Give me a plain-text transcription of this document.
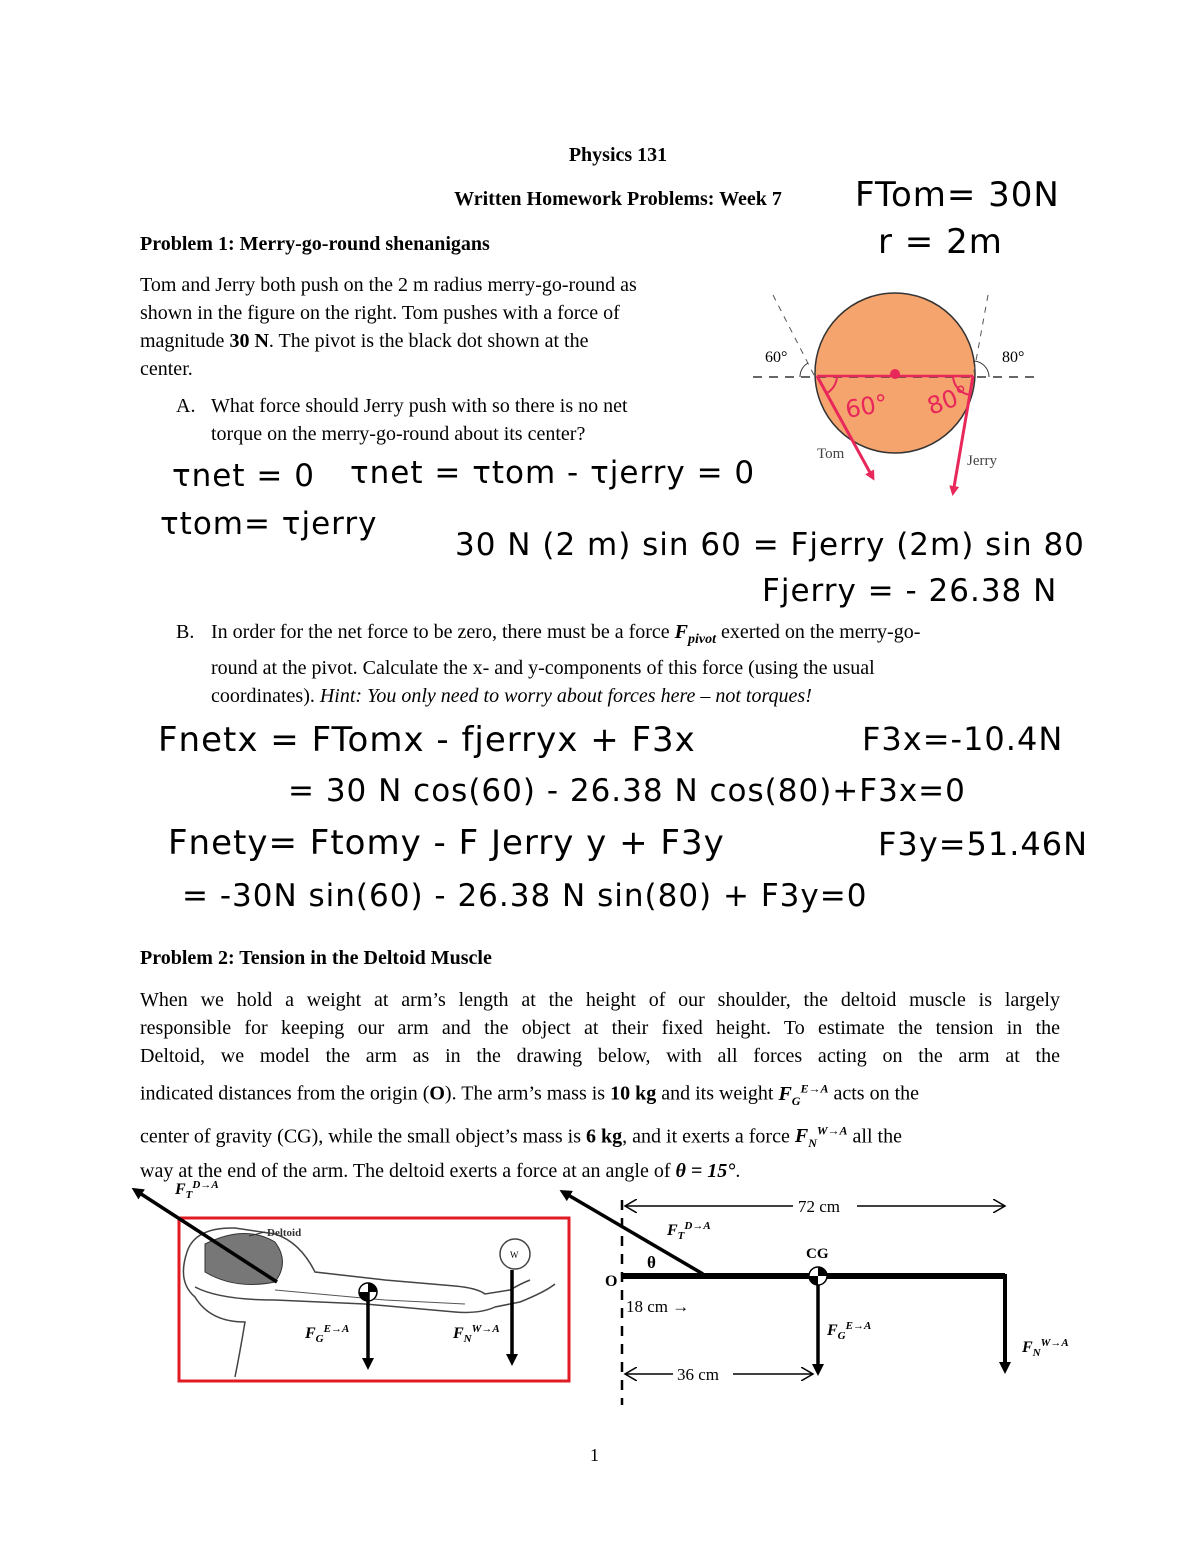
Physics 131
Written Homework Problems: Week 7
Problem 1: Merry-go-round shenanigans
Tom and Jerry both push on the 2 m radius merry-go-round as
shown in the figure on the right. Tom pushes with a force of
magnitude 30 N. The pivot is the black dot shown at the
center.
A. What force should Jerry push with so there is no net
torque on the merry-go-round about its center?
60°	80°
60° 80°
Tom	Jerry
FTom= 30N
r = 2m
τnet = 0 τnet = τtom - τjerry = 0
τtom= τjerry
30 N (2 m) sin 60 = Fjerry (2m) sin 80
Fjerry = - 26.38 N
B. In order for the net force to be zero, there must be a force $F_{pivot}$ exerted on the merry-go-
round at the pivot. Calculate the x- and y-components of this force (using the usual
coordinates). Hint: You only need to worry about forces here – not torques!
Fnetx = FTomx - fjerryx + F3x	F3x=-10.4N
= 30 N cos(60) - 26.38 N cos(80)+F3x=0
Fnety= Ftomy - F Jerry y + F3y	F3y=51.46N
= -30N sin(60) - 26.38 N sin(80) + F3y=0
Problem 2: Tension in the Deltoid Muscle
When we hold a weight at arm’s length at the height of our shoulder, the deltoid muscle is largely
responsible for keeping our arm and the object at their fixed height. To estimate the tension in the
Deltoid, we model the arm as in the drawing below, with all forces acting on the arm at the
indicated distances from the origin (O). The arm’s mass is 10 kg and its weight $F_G^{E\to A}$ acts on the
center of gravity (CG), while the small object’s mass is 6 kg, and it exerts a force $F_N^{W\to A}$ all the
way at the end of the arm. The deltoid exerts a force at an angle of θ = 15°.
W
Deltoid
$F_T^{D\to A}$
$F_G^{E\to A}$	$F_N^{W\to A}$
72 cm
36 cm
18 cm →
O
θ	CG
$F_T^{D\to A}$
$F_G^{E\to A}$
$F_N^{W\to A}$
1
